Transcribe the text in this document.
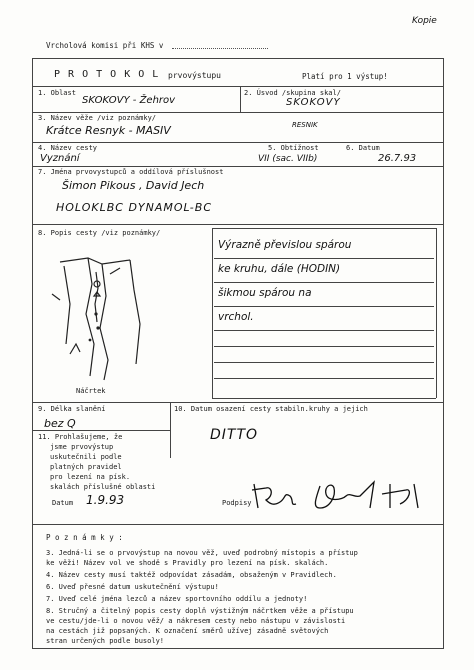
Kopie
Vrcholová komisi při KHS v
P R O T O K O L prvovýstupu	Platí pro 1 výstup!
1. Oblast
SKOKOVY - Žehrov
2. Úsvod /skupina skal/
SKOKOVY
3. Název věže /viz poznámky/
Krátce Resnyk - MASIV	RESNIK
4. Název cesty
Vyznání
5. Obtížnost
VII (sac. VIIb)
6. Datum
26.7.93
7. Jména prvovystupců a oddílová příslušnost
Šimon Pikous , David Jech
HOLOKLBC DYNAMOL-BC
8. Popis cesty /viz poznámky/
Výrazně převislou spárou
ke kruhu, dále (HODIN)
šikmou spárou na
vrchol.
Náčrtek
9. Délka slanění
bez Q
10. Datum osazení cesty stabiln.kruhy a jejich
DITTO
11. Prohlašujeme, že
jsme prvovýstup
uskutečnili podle
platných pravidel
pro lezení na písk.
skalách příslušné oblasti
Datum 1.9.93	Podpisy
P o z n á m k y :
3. Jedná-li se o prvovýstup na novou věž, uveď podrobný místopis a přístup
ke věži! Název vol ve shodě s Pravidly pro lezení na písk. skalách.
4. Název cesty musí taktéž odpovídat zásadám, obsaženým v Pravidlech.
6. Uveď přesné datum uskutečnění výstupu!
7. Uveď celé jména lezců a název sportovního oddílu a jednoty!
8. Stručný a čitelný popis cesty doplň výstižným náčrtkem věže a přístupu
ve cestu/jde-li o novou věž/ a nákresem cesty nebo nástupu v závislosti
na cestách již popsaných. K označení směrů užívej zásadně světových
stran určených podle busoly!
